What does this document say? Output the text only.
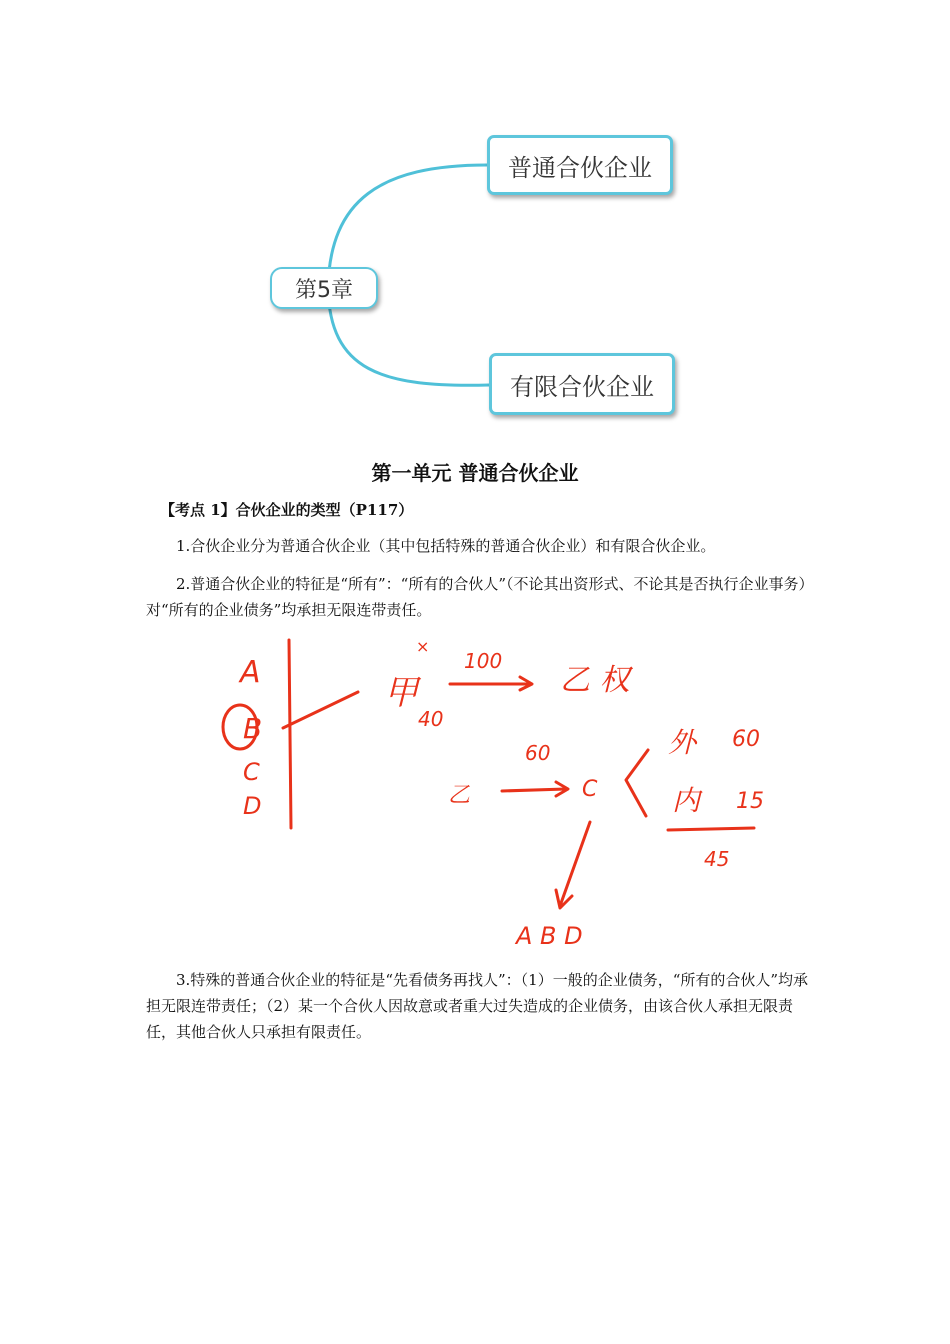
第5章
普通合伙企业
有限合伙企业
第一单元 普通合伙企业
【考点 1】合伙企业的类型（P117）

1.合伙企业分为普通合伙企业（其中包括特殊的普通合伙企业）和有限合伙企业。

2.普通合伙企业的特征是“所有”：“所有的合伙人”（不论其出资形式、不论其是否执行企业事务）对“所有的企业债务”均承担无限连带责任。

A
B
C
D
×
甲
40
100
乙 权
乙
60
C
外 60
内 15
45
A B D

3.特殊的普通合伙企业的特征是“先看债务再找人”：（1）一般的企业债务，“所有的合伙人”均承担无限连带责任；（2）某一个合伙人因故意或者重大过失造成的企业债务，由该合伙人承担无限责任，其他合伙人只承担有限责任。
